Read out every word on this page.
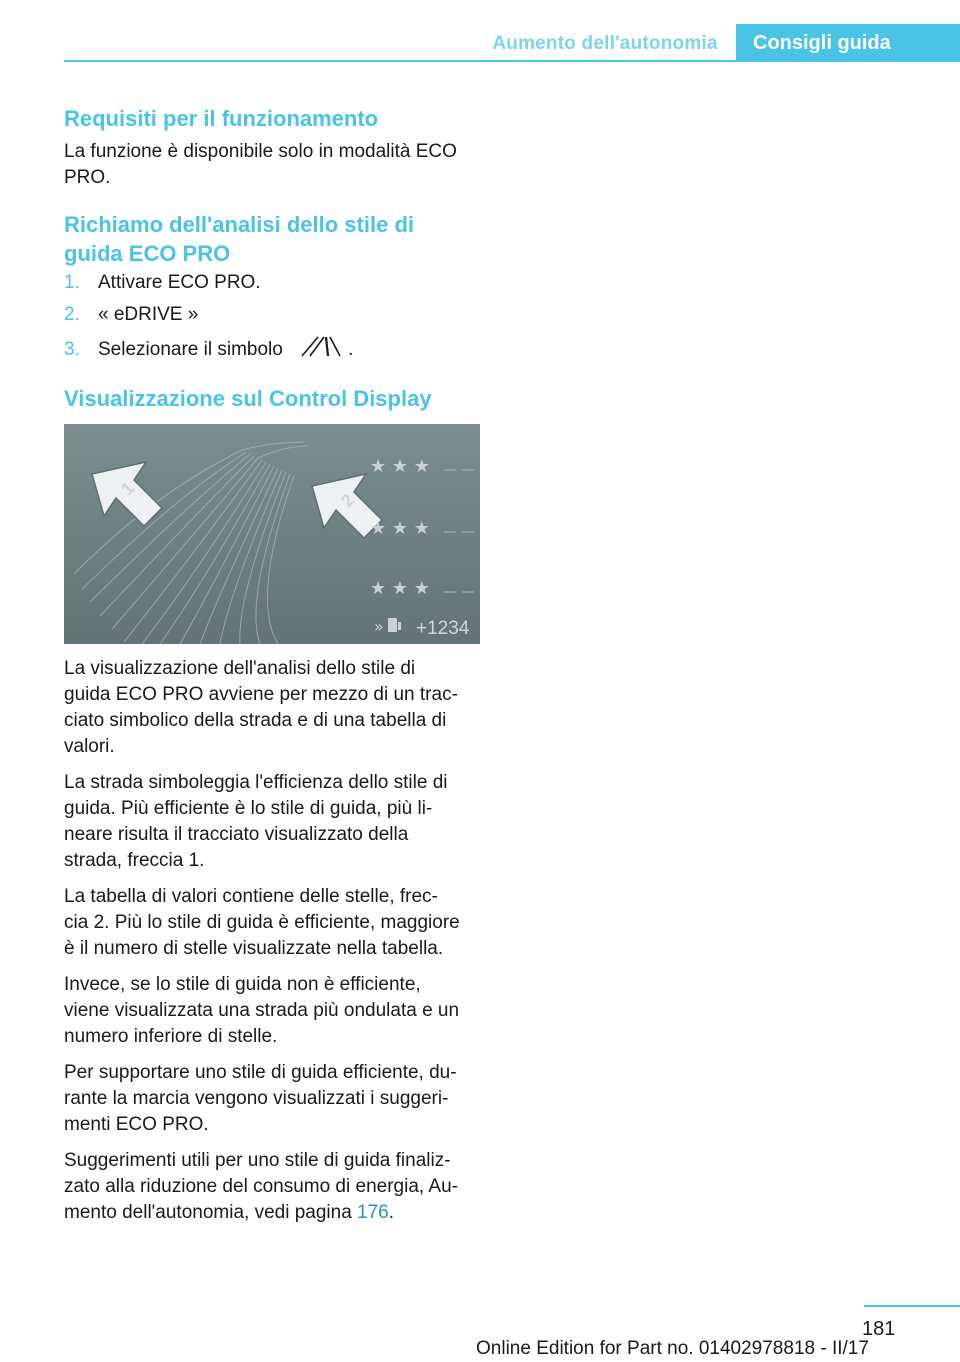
Aumento dell'autonomia	Consigli guida
Requisiti per il funzionamento

La funzione è disponibile solo in modalità ECO

PRO.

Richiamo dell'analisi dello stile di
guida ECO PRO
1. Attivare ECO PRO.
2. « eDRIVE »
3. Selezionare il simbolo	.
Visualizzazione sul Control Display
1
2
★ ★ ★
★ ★ ★
★ ★ ★
» +1234

La visualizzazione dell'analisi dello stile di

guida ECO PRO avviene per mezzo di un trac-

ciato simbolico della strada e di una tabella di

valori.

La strada simboleggia l'efficienza dello stile di

guida. Più efficiente è lo stile di guida, più li-

neare risulta il tracciato visualizzato della

strada, freccia 1.

La tabella di valori contiene delle stelle, frec-

cia 2. Più lo stile di guida è efficiente, maggiore

è il numero di stelle visualizzate nella tabella.

Invece, se lo stile di guida non è efficiente,

viene visualizzata una strada più ondulata e un

numero inferiore di stelle.

Per supportare uno stile di guida efficiente, du-

rante la marcia vengono visualizzati i suggeri-

menti ECO PRO.

Suggerimenti utili per uno stile di guida finaliz-

zato alla riduzione del consumo di energia, Au-

mento dell'autonomia, vedi pagina 176.

181
Online Edition for Part no. 01402978818 - II/17
